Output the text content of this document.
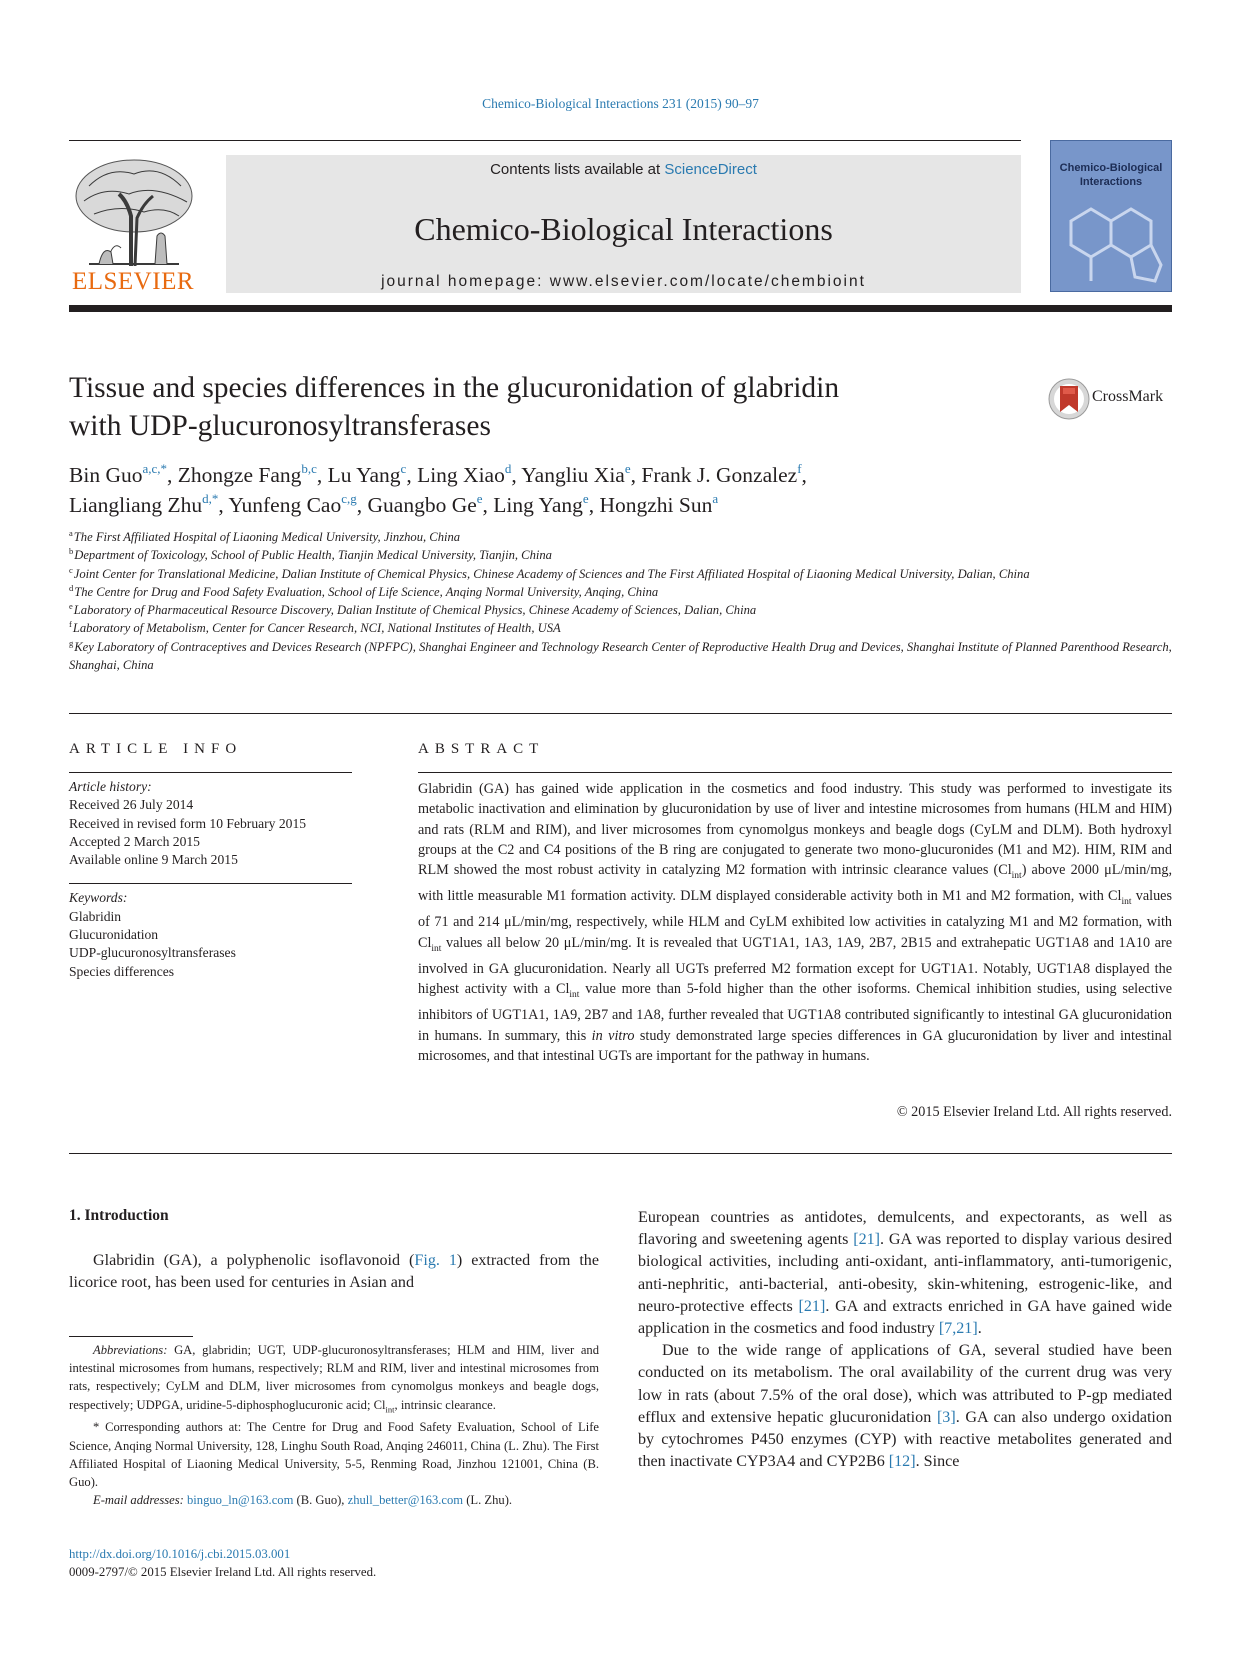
Chemico-Biological Interactions 231 (2015) 90–97
ELSEVIER
Contents lists available at ScienceDirect
Chemico-Biological Interactions
journal homepage: www.elsevier.com/locate/chembioint
Chemico-Biological Interactions
Tissue and species differences in the glucuronidation of glabridin
with UDP-glucuronosyltransferases
CrossMark
Bin Guo$^{a,c,*}$, Zhongze Fang$^{b,c}$, Lu Yang$^c$, Ling Xiao$^d$, Yangliu Xia$^e$, Frank J. Gonzalez$^f$,
Liangliang Zhu$^{d,*}$, Yunfeng Cao$^{c,g}$, Guangbo Ge$^e$, Ling Yang$^e$, Hongzhi Sun$^a$
$^a$The First Affiliated Hospital of Liaoning Medical University, Jinzhou, China
$^b$Department of Toxicology, School of Public Health, Tianjin Medical University, Tianjin, China
$^c$Joint Center for Translational Medicine, Dalian Institute of Chemical Physics, Chinese Academy of Sciences and The First Affiliated Hospital of Liaoning Medical University, Dalian, China
$^d$The Centre for Drug and Food Safety Evaluation, School of Life Science, Anqing Normal University, Anqing, China
$^e$Laboratory of Pharmaceutical Resource Discovery, Dalian Institute of Chemical Physics, Chinese Academy of Sciences, Dalian, China
$^f$Laboratory of Metabolism, Center for Cancer Research, NCI, National Institutes of Health, USA
$^g$Key Laboratory of Contraceptives and Devices Research (NPFPC), Shanghai Engineer and Technology Research Center of Reproductive Health Drug and Devices, Shanghai Institute of Planned Parenthood Research, Shanghai, China
ARTICLE INFO
Article history:
Received 26 July 2014
Received in revised form 10 February 2015
Accepted 2 March 2015
Available online 9 March 2015
Keywords:
Glabridin
Glucuronidation
UDP-glucuronosyltransferases
Species differences
ABSTRACT
Glabridin (GA) has gained wide application in the cosmetics and food industry. This study was performed to investigate its metabolic inactivation and elimination by glucuronidation by use of liver and intestine microsomes from humans (HLM and HIM) and rats (RLM and RIM), and liver microsomes from cynomolgus monkeys and beagle dogs (CyLM and DLM). Both hydroxyl groups at the C2 and C4 positions of the B ring are conjugated to generate two mono-glucuronides (M1 and M2). HIM, RIM and RLM showed the most robust activity in catalyzing M2 formation with intrinsic clearance values $(Cl_{int})$ above 2000 μL/min/mg, with little measurable M1 formation activity. DLM displayed considerable activity both in M1 and M2 formation, with $Cl_{int}$ values of 71 and 214 μL/min/mg, respectively, while HLM and CyLM exhibited low activities in catalyzing M1 and M2 formation, with $Cl_{int}$ values all below 20 μL/min/mg. It is revealed that UGT1A1, 1A3, 1A9, 2B7, 2B15 and extrahepatic UGT1A8 and 1A10 are involved in GA glucuronidation. Nearly all UGTs preferred M2 formation except for UGT1A1. Notably, UGT1A8 displayed the highest activity with a $Cl_{int}$ value more than 5-fold higher than the other isoforms. Chemical inhibition studies, using selective inhibitors of UGT1A1, 1A9, 2B7 and 1A8, further revealed that UGT1A8 contributed significantly to intestinal GA glucuronidation in humans. In summary, this in vitro study demonstrated large species differences in GA glucuronidation by liver and intestinal microsomes, and that intestinal UGTs are important for the pathway in humans.
© 2015 Elsevier Ireland Ltd. All rights reserved.
1. Introduction
Glabridin (GA), a polyphenolic isoflavonoid (Fig. 1) extracted from the licorice root, has been used for centuries in Asian and

European countries as antidotes, demulcents, and expectorants, as well as flavoring and sweetening agents [21]. GA was reported to display various desired biological activities, including anti-oxidant, anti-inflammatory, anti-tumorigenic, anti-nephritic, anti-bacterial, anti-obesity, skin-whitening, estrogenic-like, and neuro-protective effects [21]. GA and extracts enriched in GA have gained wide application in the cosmetics and food industry [7,21].

Due to the wide range of applications of GA, several studied have been conducted on its metabolism. The oral availability of the current drug was very low in rats (about 7.5% of the oral dose), which was attributed to P-gp mediated efflux and extensive hepatic glucuronidation [3]. GA can also undergo oxidation by cytochromes P450 enzymes (CYP) with reactive metabolites generated and then inactivate CYP3A4 and CYP2B6 [12]. Since

Abbreviations: GA, glabridin; UGT, UDP-glucuronosyltransferases; HLM and HIM, liver and intestinal microsomes from humans, respectively; RLM and RIM, liver and intestinal microsomes from rats, respectively; CyLM and DLM, liver microsomes from cynomolgus monkeys and beagle dogs, respectively; UDPGA, uridine-5-diphosphoglucuronic acid; $Cl_{int}$, intrinsic clearance.

* Corresponding authors at: The Centre for Drug and Food Safety Evaluation, School of Life Science, Anqing Normal University, 128, Linghu South Road, Anqing 246011, China (L. Zhu). The First Affiliated Hospital of Liaoning Medical University, 5-5, Renming Road, Jinzhou 121001, China (B. Guo).

E-mail addresses: binguo_ln@163.com (B. Guo), zhull_better@163.com (L. Zhu).

http://dx.doi.org/10.1016/j.cbi.2015.03.001
0009-2797/© 2015 Elsevier Ireland Ltd. All rights reserved.
